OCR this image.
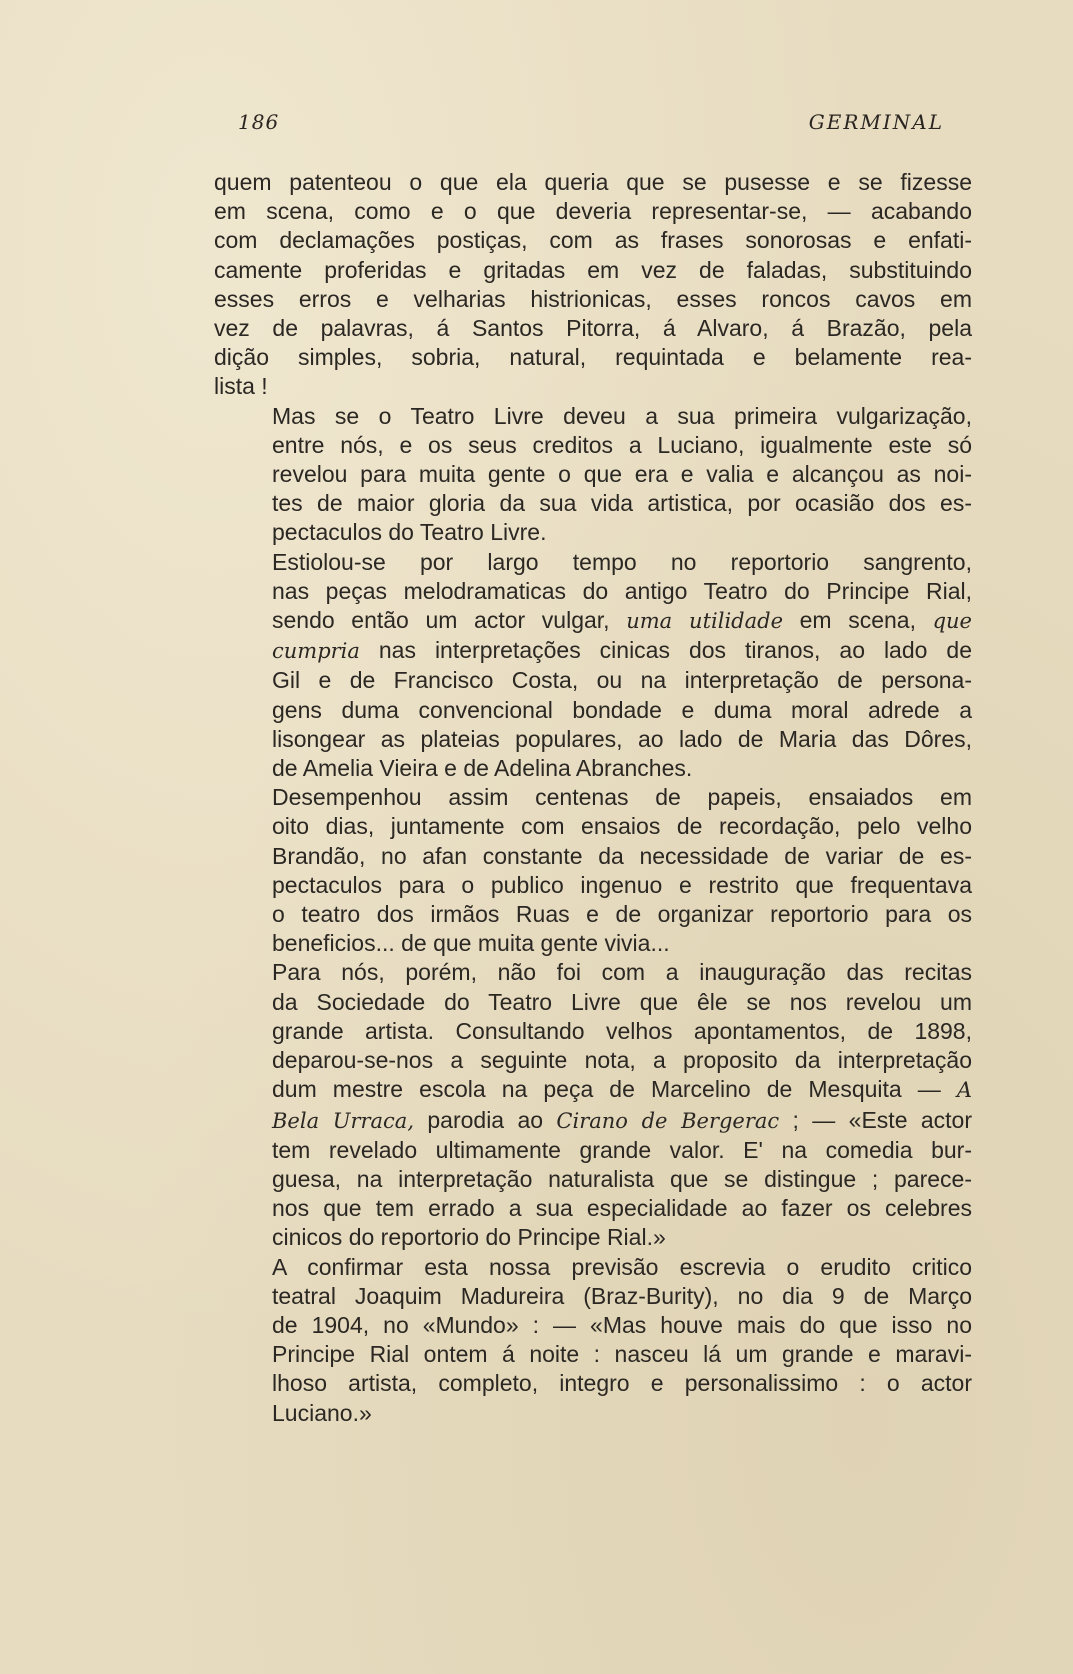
186	GERMINAL
quem patenteou o que ela queria que se pusesse e se fizesse
em scena, como e o que deveria representar-se, — acabando
com declamações postiças, com as frases sonorosas e enfati-
camente proferidas e gritadas em vez de faladas, substituindo
esses erros e velharias histrionicas, esses roncos cavos em
vez de palavras, á Santos Pitorra, á Alvaro, á Brazão, pela
dição simples, sobria, natural, requintada e belamente rea-
lista !
Mas se o Teatro Livre deveu a sua primeira vulgarização,
entre nós, e os seus creditos a Luciano, igualmente este só
revelou para muita gente o que era e valia e alcançou as noi-
tes de maior gloria da sua vida artistica, por ocasião dos es-
pectaculos do Teatro Livre.
Estiolou-se por largo tempo no reportorio sangrento,
nas peças melodramaticas do antigo Teatro do Principe Rial,
sendo então um actor vulgar, uma utilidade em scena, que
cumpria nas interpretações cinicas dos tiranos, ao lado de
Gil e de Francisco Costa, ou na interpretação de persona-
gens duma convencional bondade e duma moral adrede a
lisongear as plateias populares, ao lado de Maria das Dôres,
de Amelia Vieira e de Adelina Abranches.
Desempenhou assim centenas de papeis, ensaiados em
oito dias, juntamente com ensaios de recordação, pelo velho
Brandão, no afan constante da necessidade de variar de es-
pectaculos para o publico ingenuo e restrito que frequentava
o teatro dos irmãos Ruas e de organizar reportorio para os
beneficios... de que muita gente vivia...
Para nós, porém, não foi com a inauguração das recitas
da Sociedade do Teatro Livre que êle se nos revelou um
grande artista. Consultando velhos apontamentos, de 1898,
deparou-se-nos a seguinte nota, a proposito da interpretação
dum mestre escola na peça de Marcelino de Mesquita — A
Bela Urraca, parodia ao Cirano de Bergerac ; — «Este actor
tem revelado ultimamente grande valor. E' na comedia bur-
guesa, na interpretação naturalista que se distingue ; parece-
nos que tem errado a sua especialidade ao fazer os celebres
cinicos do reportorio do Principe Rial.»
A confirmar esta nossa previsão escrevia o erudito critico
teatral Joaquim Madureira (Braz-Burity), no dia 9 de Março
de 1904, no «Mundo» : — «Mas houve mais do que isso no
Principe Rial ontem á noite : nasceu lá um grande e maravi-
lhoso artista, completo, integro e personalissimo : o actor
Luciano.»
